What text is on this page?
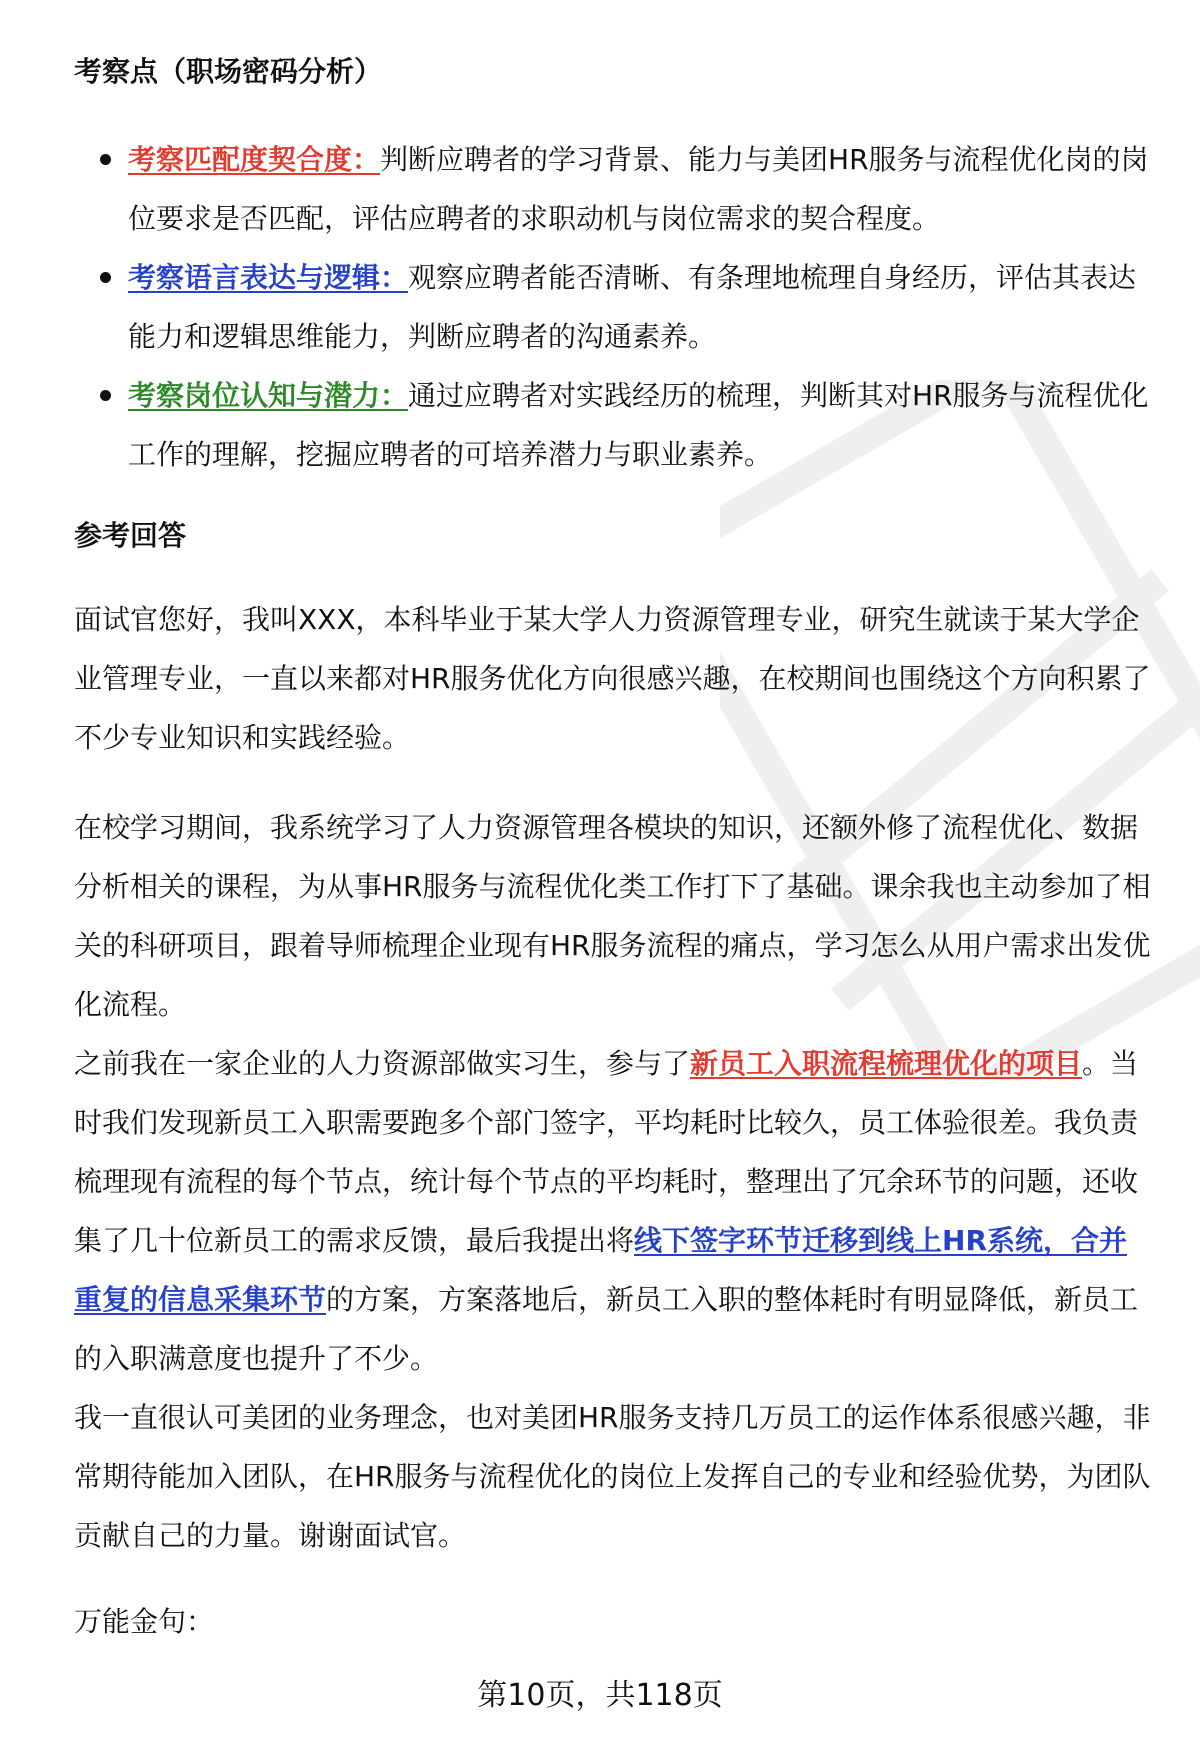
考察点（职场密码分析）
考察匹配度契合度：判断应聘者的学习背景、能力与美团HR服务与流程优化岗的岗位要求是否匹配，评估应聘者的求职动机与岗位需求的契合程度。
考察语言表达与逻辑：观察应聘者能否清晰、有条理地梳理自身经历，评估其表达能力和逻辑思维能力，判断应聘者的沟通素养。
考察岗位认知与潜力：通过应聘者对实践经历的梳理，判断其对HR服务与流程优化工作的理解，挖掘应聘者的可培养潜力与职业素养。
参考回答

面试官您好，我叫XXX，本科毕业于某大学人力资源管理专业，研究生就读于某大学企业管理专业，一直以来都对HR服务优化方向很感兴趣，在校期间也围绕这个方向积累了不少专业知识和实践经验。

在校学习期间，我系统学习了人力资源管理各模块的知识，还额外修了流程优化、数据分析相关的课程，为从事HR服务与流程优化类工作打下了基础。课余我也主动参加了相关的科研项目，跟着导师梳理企业现有HR服务流程的痛点，学习怎么从用户需求出发优化流程。

之前我在一家企业的人力资源部做实习生，参与了新员工入职流程梳理优化的项目。当时我们发现新员工入职需要跑多个部门签字，平均耗时比较久，员工体验很差。我负责梳理现有流程的每个节点，统计每个节点的平均耗时，整理出了冗余环节的问题，还收集了几十位新员工的需求反馈，最后我提出将线下签字环节迁移到线上HR系统，合并重复的信息采集环节的方案，方案落地后，新员工入职的整体耗时有明显降低，新员工的入职满意度也提升了不少。

我一直很认可美团的业务理念，也对美团HR服务支持几万员工的运作体系很感兴趣，非常期待能加入团队，在HR服务与流程优化的岗位上发挥自己的专业和经验优势，为团队贡献自己的力量。谢谢面试官。

万能金句：

第10页，共118页
